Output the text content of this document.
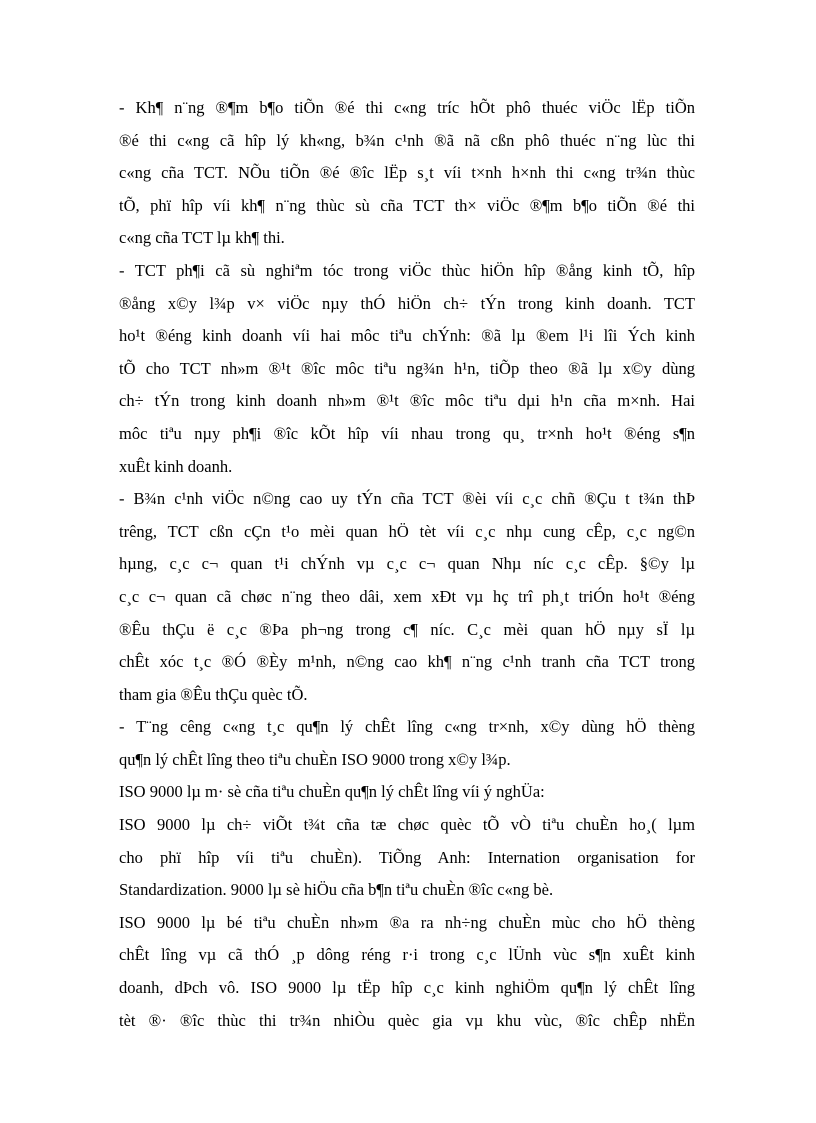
- Kh¶ n¨ng ®¶m b¶o tiÕn ®é thi c«ng tríc hÕt phô thuéc viÖc lËp tiÕn
®é thi c«ng cã hîp lý kh«ng, b¾n c¹nh ®ã nã cßn phô thuéc n¨ng lùc thi
c«ng cña TCT. NÕu tiÕn ®é ®îc lËp s¸t víi t×nh h×nh thi c«ng tr¾n thùc
tÕ, phï hîp víi kh¶ n¨ng thùc sù cña TCT th× viÖc ®¶m b¶o tiÕn ®é thi
c«ng cña TCT lµ kh¶ thi.
- TCT ph¶i cã sù nghiªm tóc trong viÖc thùc hiÖn hîp ®ång kinh tÕ, hîp
®ång x©y l¾p v× viÖc nµy thÓ hiÖn ch÷ tÝn trong kinh doanh. TCT
ho¹t ®éng kinh doanh víi hai môc tiªu chÝnh: ®ã lµ ®em l¹i lîi Ých kinh
tÕ cho TCT nh»m ®¹t ®îc môc tiªu ng¾n h¹n, tiÕp theo ®ã lµ x©y dùng
ch÷ tÝn trong kinh doanh nh»m ®¹t ®îc môc tiªu dµi h¹n cña m×nh. Hai
môc tiªu nµy ph¶i ®îc kÕt hîp víi nhau trong qu¸ tr×nh ho¹t ®éng s¶n
xuÊt kinh doanh.
- B¾n c¹nh viÖc n©ng cao uy tÝn cña TCT ®èi víi c¸c chñ ®Çu t t¾n thÞ
trêng, TCT cßn cÇn t¹o mèi quan hÖ tèt víi c¸c nhµ cung cÊp, c¸c ng©n
hµng, c¸c c¬ quan t¹i chÝnh vµ c¸c c¬ quan Nhµ níc c¸c cÊp. §©y lµ
c¸c c¬ quan cã chøc n¨ng theo dâi, xem xÐt vµ hç trî ph¸t triÓn ho¹t ®éng
®Êu thÇu ë c¸c ®Þa ph¬ng trong c¶ níc. C¸c mèi quan hÖ nµy sÏ lµ
chÊt xóc t¸c ®Ó ®Èy m¹nh, n©ng cao kh¶ n¨ng c¹nh tranh cña TCT trong
tham gia ®Êu thÇu quèc tÕ.
- T¨ng cêng c«ng t¸c qu¶n lý chÊt lîng c«ng tr×nh, x©y dùng hÖ thèng
qu¶n lý chÊt lîng theo tiªu chuÈn ISO 9000 trong x©y l¾p.
ISO 9000 lµ m· sè cña tiªu chuÈn qu¶n lý chÊt lîng víi ý nghÜa:
ISO 9000 lµ ch÷ viÕt t¾t cña tæ chøc quèc tÕ vÒ tiªu chuÈn ho¸( lµm
cho phï hîp víi tiªu chuÈn). TiÕng Anh: Internation organisation for
Standardization. 9000 lµ sè hiÖu cña b¶n tiªu chuÈn ®îc c«ng bè.
ISO 9000 lµ bé tiªu chuÈn nh»m ®a ra nh÷ng chuÈn mùc cho hÖ thèng
chÊt lîng vµ cã thÓ ¸p dông réng r·i trong c¸c lÜnh vùc s¶n xuÊt kinh
doanh, dÞch vô. ISO 9000 lµ tËp hîp c¸c kinh nghiÖm qu¶n lý chÊt lîng
tèt ®· ®îc thùc thi tr¾n nhiÒu quèc gia vµ khu vùc, ®îc chÊp nhËn
